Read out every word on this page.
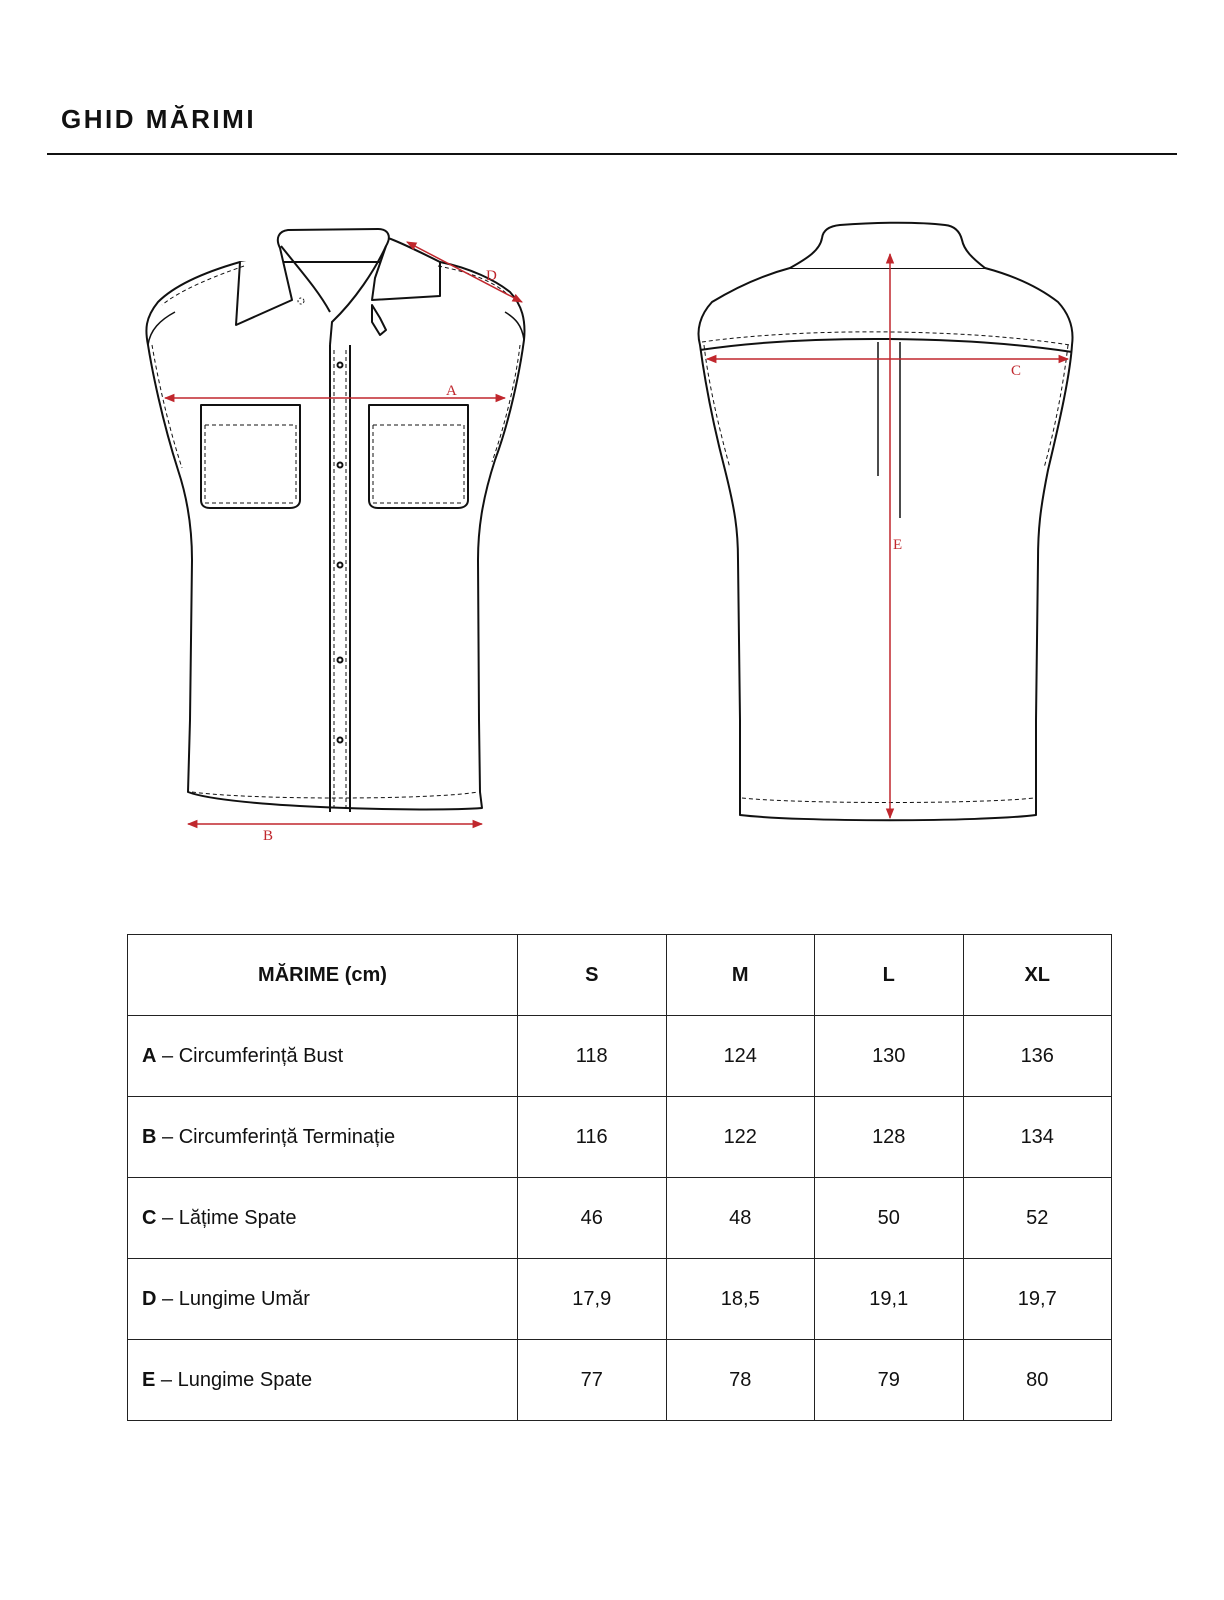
GHID MĂRIMI
A
B
D
C
E
MĂRIME (cm)	S	M	L	XL
A – Circumferință Bust	118	124	130	136
B – Circumferință Terminație	116	122	128	134
C – Lățime Spate	46	48	50	52
D – Lungime Umăr	17,9	18,5	19,1	19,7
E – Lungime Spate	77	78	79	80
